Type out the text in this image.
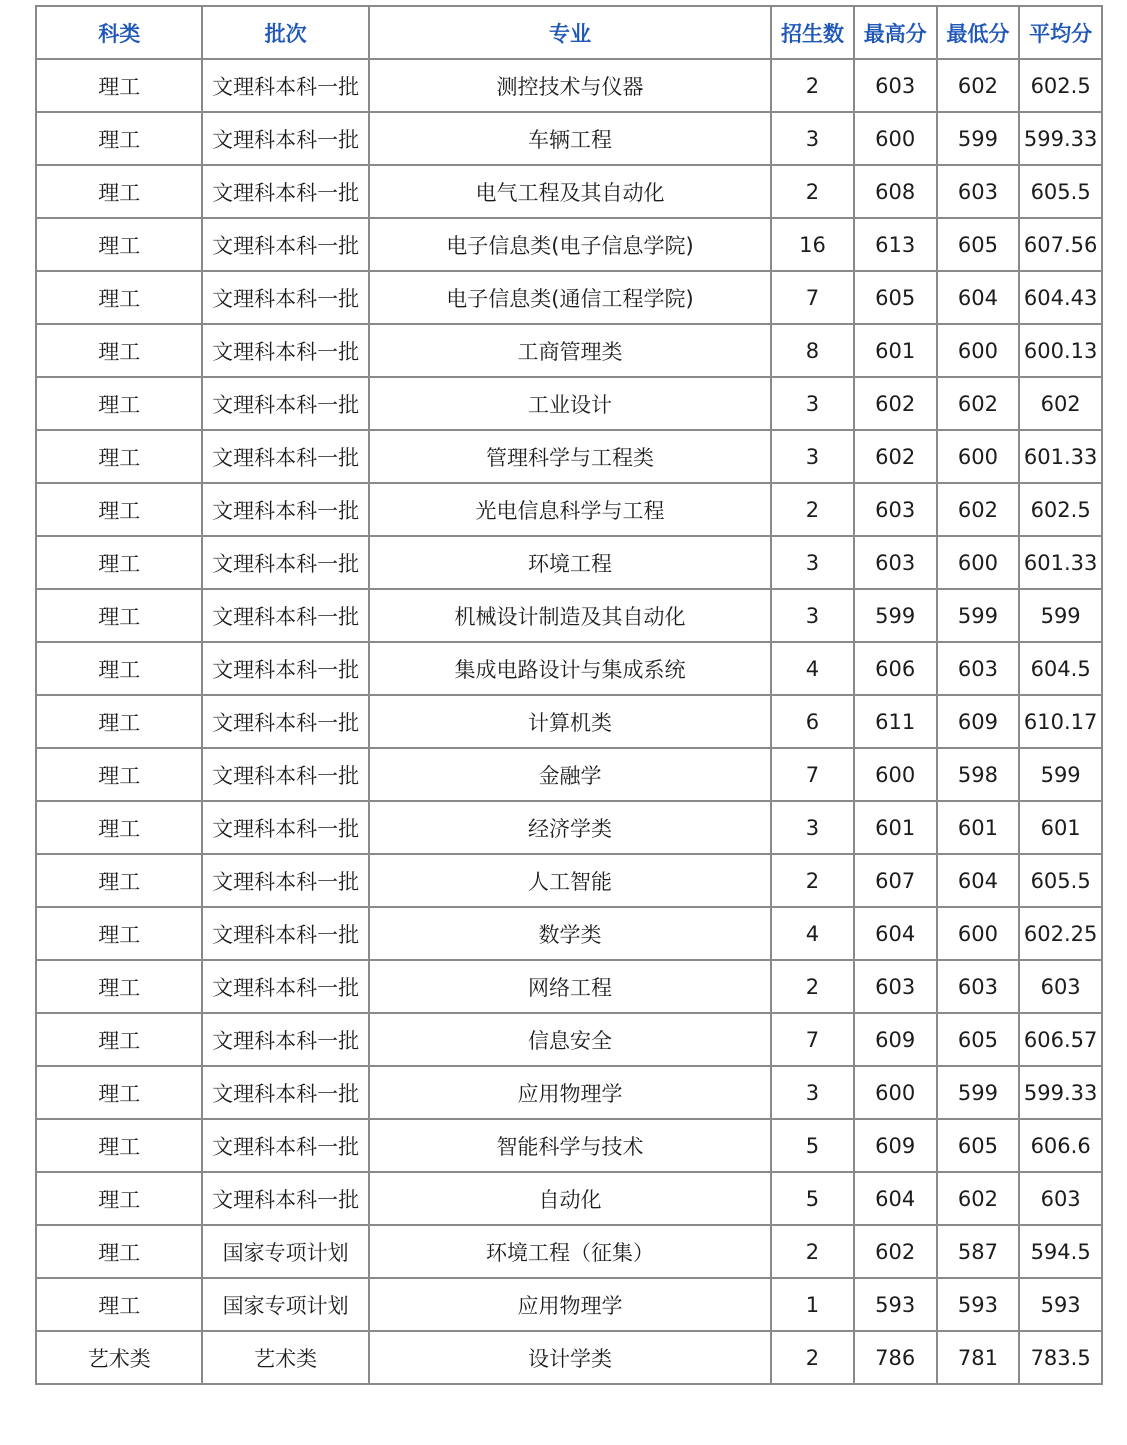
科类	批次	专业	招生数	最高分	最低分	平均分
理工	文理科本科一批	测控技术与仪器	2	603	602	602.5
理工	文理科本科一批	车辆工程	3	600	599	599.33
理工	文理科本科一批	电气工程及其自动化	2	608	603	605.5
理工	文理科本科一批	电子信息类(电子信息学院)	16	613	605	607.56
理工	文理科本科一批	电子信息类(通信工程学院)	7	605	604	604.43
理工	文理科本科一批	工商管理类	8	601	600	600.13
理工	文理科本科一批	工业设计	3	602	602	602
理工	文理科本科一批	管理科学与工程类	3	602	600	601.33
理工	文理科本科一批	光电信息科学与工程	2	603	602	602.5
理工	文理科本科一批	环境工程	3	603	600	601.33
理工	文理科本科一批	机械设计制造及其自动化	3	599	599	599
理工	文理科本科一批	集成电路设计与集成系统	4	606	603	604.5
理工	文理科本科一批	计算机类	6	611	609	610.17
理工	文理科本科一批	金融学	7	600	598	599
理工	文理科本科一批	经济学类	3	601	601	601
理工	文理科本科一批	人工智能	2	607	604	605.5
理工	文理科本科一批	数学类	4	604	600	602.25
理工	文理科本科一批	网络工程	2	603	603	603
理工	文理科本科一批	信息安全	7	609	605	606.57
理工	文理科本科一批	应用物理学	3	600	599	599.33
理工	文理科本科一批	智能科学与技术	5	609	605	606.6
理工	文理科本科一批	自动化	5	604	602	603
理工	国家专项计划	环境工程（征集）	2	602	587	594.5
理工	国家专项计划	应用物理学	1	593	593	593
艺术类	艺术类	设计学类	2	786	781	783.5
